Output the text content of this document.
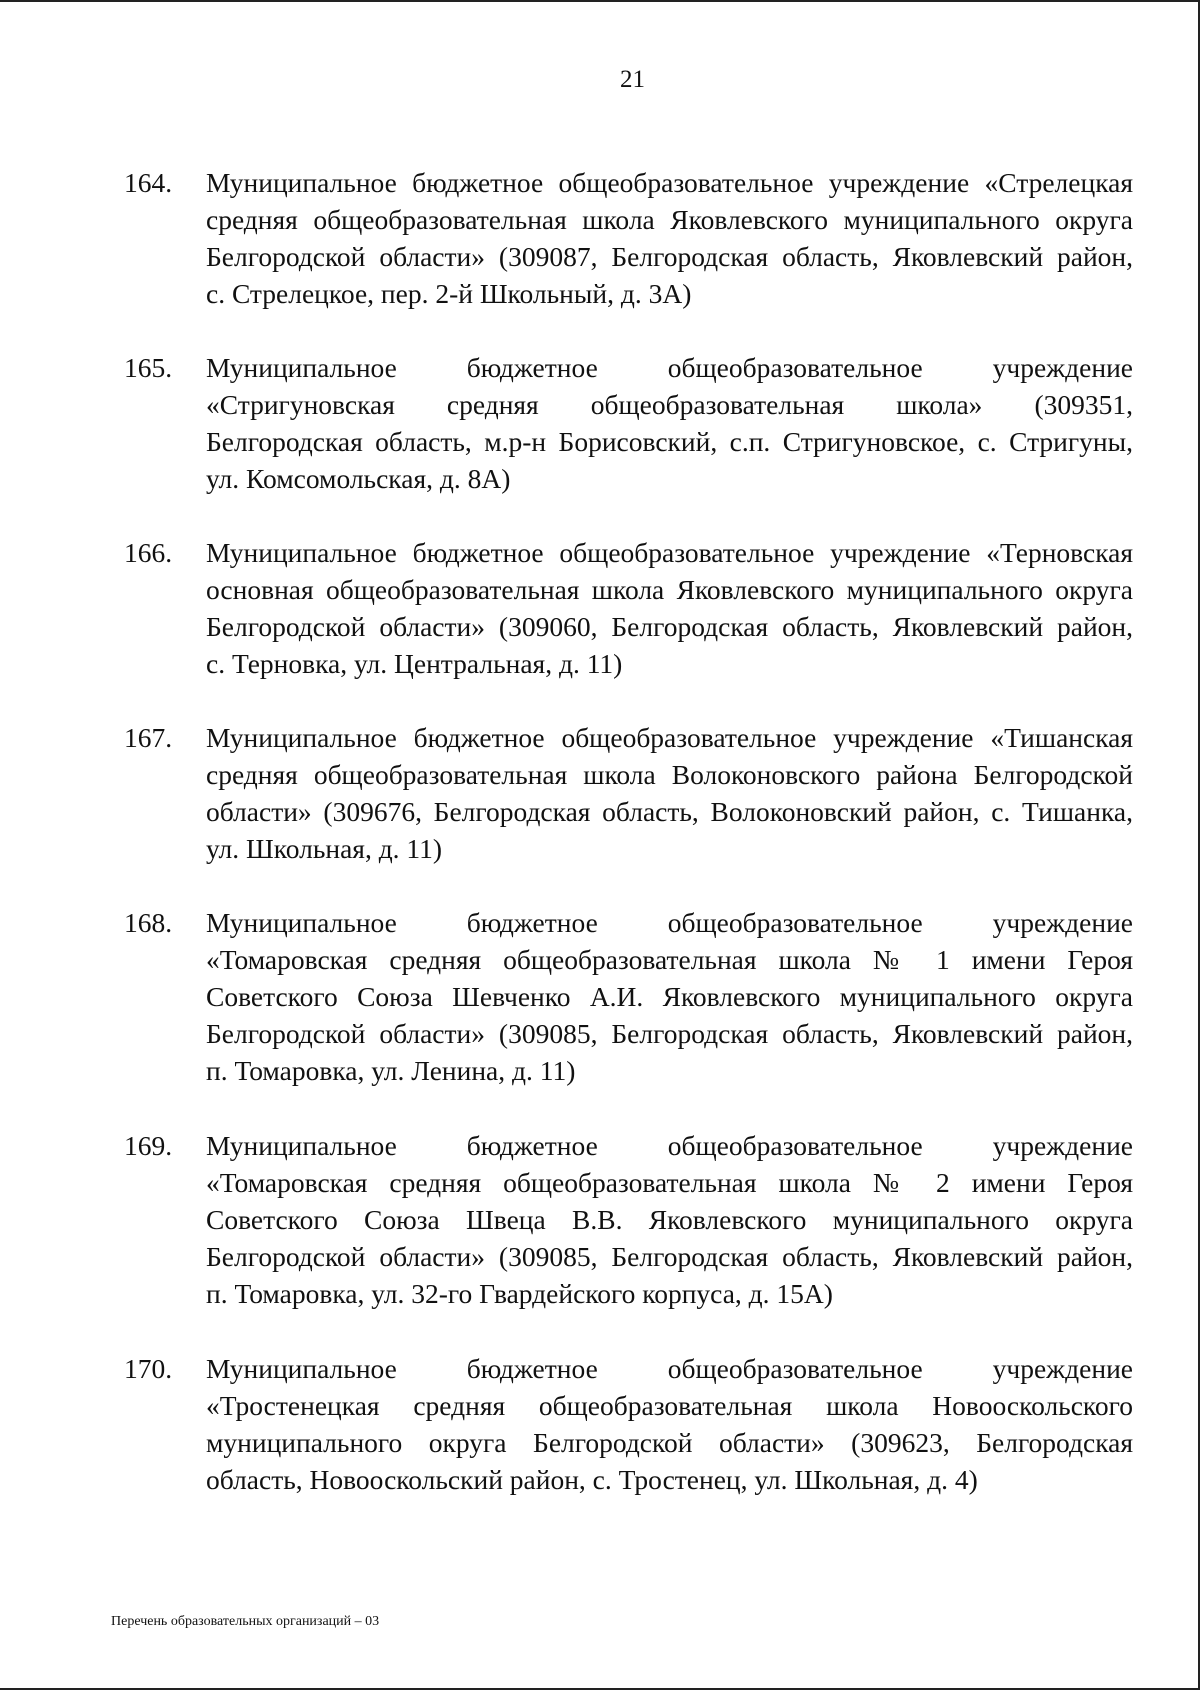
21
164. Муниципальное бюджетное общеобразовательное учреждение «Стрелецкая
средняя общеобразовательная школа Яковлевского муниципального округа
Белгородской области» (309087, Белгородская область, Яковлевский район,
с. Стрелецкое, пер. 2-й Школьный, д. 3А)
165. Муниципальное бюджетное общеобразовательное учреждение
«Стригуновская средняя общеобразовательная школа» (309351,
Белгородская область, м.р-н Борисовский, с.п. Стригуновское, с. Стригуны,
ул. Комсомольская, д. 8А)
166. Муниципальное бюджетное общеобразовательное учреждение «Терновская
основная общеобразовательная школа Яковлевского муниципального округа
Белгородской области» (309060, Белгородская область, Яковлевский район,
с. Терновка, ул. Центральная, д. 11)
167. Муниципальное бюджетное общеобразовательное учреждение «Тишанская
средняя общеобразовательная школа Волоконовского района Белгородской
области» (309676, Белгородская область, Волоконовский район, с. Тишанка,
ул. Школьная, д. 11)
168. Муниципальное бюджетное общеобразовательное учреждение
«Томаровская средняя общеобразовательная школа № 1 имени Героя
Советского Союза Шевченко А.И. Яковлевского муниципального округа
Белгородской области» (309085, Белгородская область, Яковлевский район,
п. Томаровка, ул. Ленина, д. 11)
169. Муниципальное бюджетное общеобразовательное учреждение
«Томаровская средняя общеобразовательная школа № 2 имени Героя
Советского Союза Швеца В.В. Яковлевского муниципального округа
Белгородской области» (309085, Белгородская область, Яковлевский район,
п. Томаровка, ул. 32-го Гвардейского корпуса, д. 15А)
170. Муниципальное бюджетное общеобразовательное учреждение
«Тростенецкая средняя общеобразовательная школа Новооскольского
муниципального округа Белгородской области» (309623, Белгородская
область, Новооскольский район, с. Тростенец, ул. Школьная, д. 4)
Перечень образовательных организаций – 03
